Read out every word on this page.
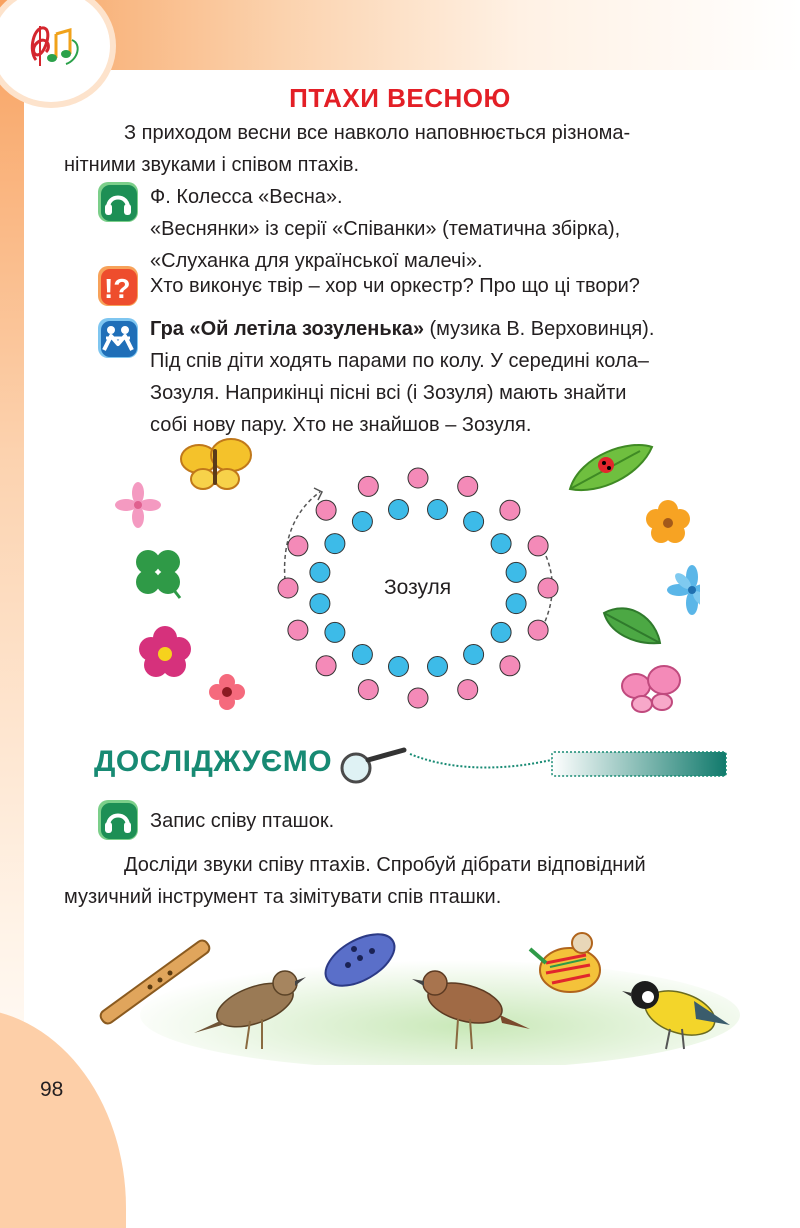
ПТАХИ ВЕСНОЮ
З приходом весни все навколо наповнюється різнома-
нітними звуками і співом птахів.
Ф. Колесса «Весна».
«Веснянки» із серії «Співанки» (тематична збірка),
«Слуханка для української малечі».
!? Хто виконує твір – хор чи оркестр? Про що ці твори?
Гра «Ой летіла зозуленька» (музика В. Верховинця).
Під спів діти ходять парами по колу. У середині кола–
Зозуля. Наприкінці пісні всі (і Зозуля) мають знайти
собі нову пару. Хто не знайшов – Зозуля.
Зозуля
ДОСЛІДЖУЄМО
Запис співу пташок.
Досліди звуки співу птахів. Спробуй дібрати відповідний
музичний інструмент та зімітувати спів пташки.
98
